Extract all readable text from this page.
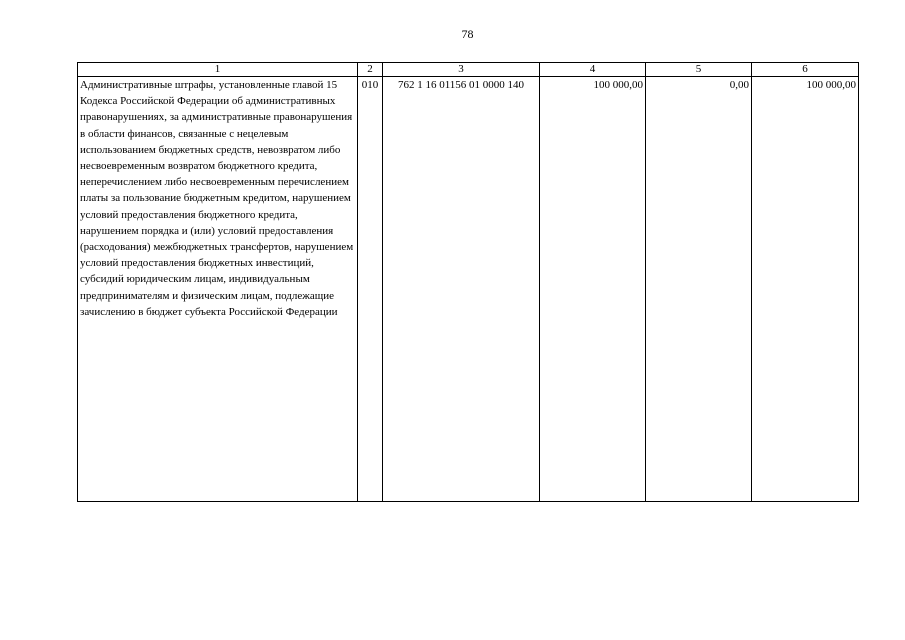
78
1	2	3	4	5	6
Административные штрафы, установленные главой 15 Кодекса Российской Федерации об административных правонарушениях, за административные правонарушения в области финансов, связанные с нецелевым использованием бюджетных средств, невозвратом либо несвоевременным возвратом бюджетного кредита, неперечислением либо несвоевременным перечислением платы за пользование бюджетным кредитом, нарушением условий предоставления бюджетного кредита, нарушением порядка и (или) условий предоставления (расходования) межбюджетных трансфертов, нарушением условий предоставления бюджетных инвестиций, субсидий юридическим лицам, индивидуальным предпринимателям и физическим лицам, подлежащие зачислению в бюджет субъекта Российской Федерации	010	762 1 16 01156 01 0000 140	100 000,00	0,00	100 000,00
